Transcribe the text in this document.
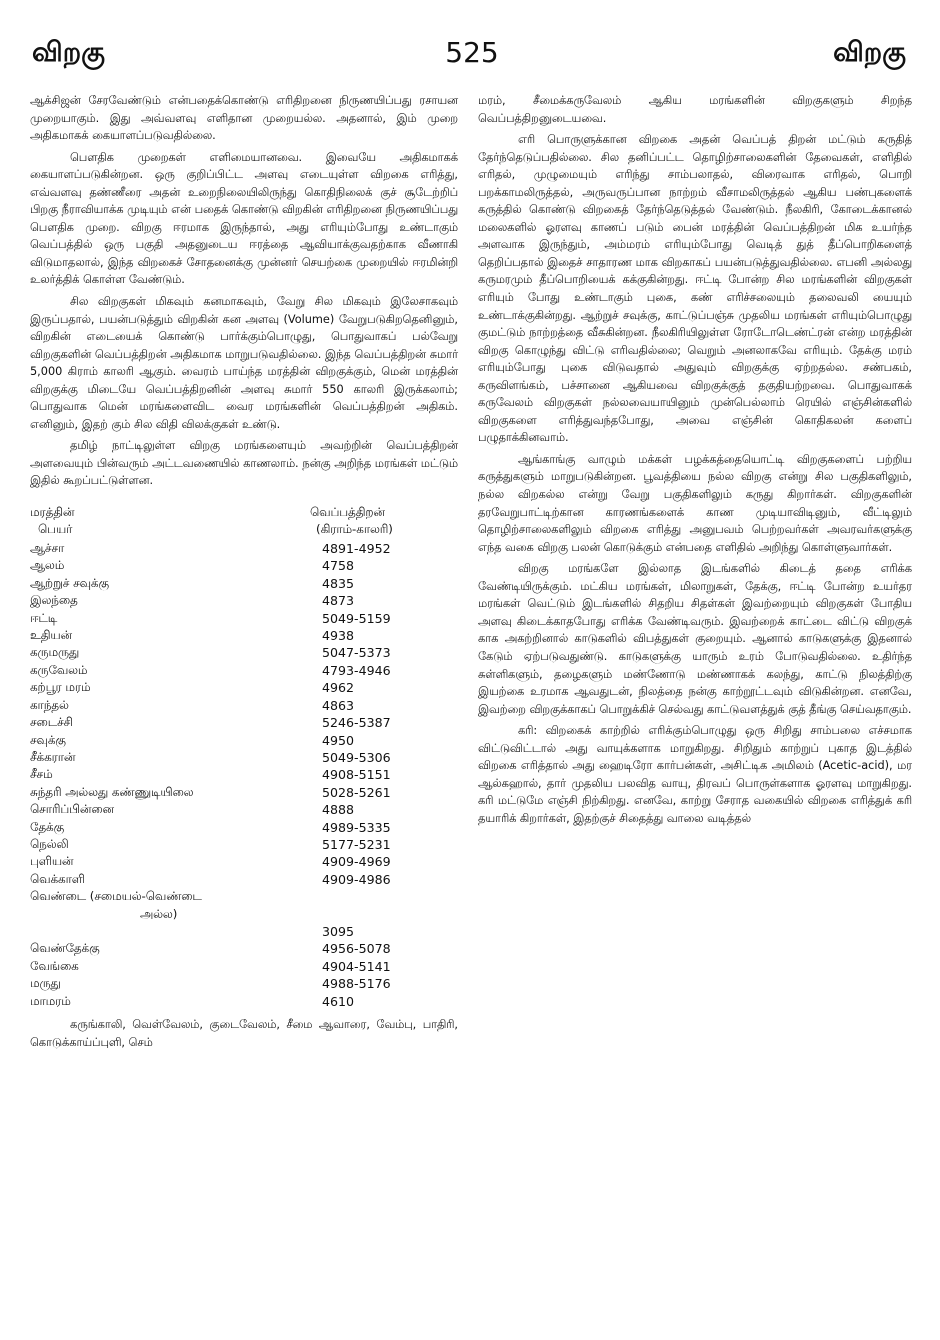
விறகு	525	விறகு

ஆக்சிஜன் சேரவேண்டும் என்பதைக்கொண்டு எரிதிறனை நிருணயிப்பது ரசாயன முறையாகும். இது அவ்வளவு எளிதான முறையல்ல. அதனால், இம் முறை அதிகமாகக் கையாளப்படுவதில்லை.

பௌதிக முறைகள் எளிமையானவை. இவையே அதிகமாகக் கையாளப்படுகின்றன. ஒரு குறிப்பிட்ட அளவு எடையுள்ள விறகை எரித்து, எவ்வளவு தண்ணீரை அதன் உறைநிலையிலிருந்து கொதிநிலைக் குச் சூடேற்றிப் பிறகு நீராவியாக்க முடியும் என் பதைக் கொண்டு விறகின் எரிதிறனை நிருணயிப்பது பௌதிக முறை. விறகு ஈரமாக இருந்தால், அது எரியும்போது உண்டாகும் வெப்பத்தில் ஒரு பகுதி அதனுடைய ஈரத்தை ஆவியாக்குவதற்காக வீணாகி விடுமாதலால், இந்த விறகைச் சோதனைக்கு முன்னர் செயற்கை முறையில் ஈரமின்றி உலர்த்திக் கொள்ள வேண்டும்.

சில விறகுகள் மிகவும் கனமாகவும், வேறு சில மிகவும் இலேசாகவும் இருப்பதால், பயன்படுத்தும் விறகின் கன அளவு (Volume) வேறுபடுகிறதெனினும், விறகின் எடையைக் கொண்டு பார்க்கும்பொழுது, பொதுவாகப் பல்வேறு விறகுகளின் வெப்பத்திறன் அதிகமாக மாறுபடுவதில்லை. இந்த வெப்பத்திறன் சுமார் 5,000 கிராம் காலரி ஆகும். வைரம் பாய்ந்த மரத்தின் விறகுக்கும், மென் மரத்தின் விறகுக்கு மிடையே வெப்பத்திறனின் அளவு சுமார் 550 காலரி இருக்கலாம்; பொதுவாக மென் மரங்களைவிட வைர மரங்களின் வெப்பத்திறன் அதிகம். எனினும், இதற் கும் சில விதி விலக்குகள் உண்டு.

தமிழ் நாட்டிலுள்ள விறகு மரங்களையும் அவற்றின் வெப்பத்திறன் அளவையும் பின்வரும் அட்டவணையில் காணலாம். நன்கு அறிந்த மரங்கள் மட்டும் இதில் கூறப்பட்டுள்ளன.

மரத்தின்
பெயர்
வெப்பத்திறன்
(கிராம்-காலரி)
ஆச்சா	4891-4952
ஆலம்	4758
ஆற்றுச் சவுக்கு	4835
இலந்தை	4873
ஈட்டி	5049-5159
உதியன்	4938
கருமருது	5047-5373
கருவேலம்	4793-4946
கற்பூர மரம்	4962
காந்தல்	4863
சடைச்சி	5246-5387
சவுக்கு	4950
சீக்கரான்	5049-5306
சீசம்	4908-5151
சுந்தரி அல்லது கண்ணுடியிலை	5028-5261
சொரிப்பின்னை	4888
தேக்கு	4989-5335
நெல்லி	5177-5231
புளியன்	4909-4969
வெக்காளி	4909-4986
வெண்டை (சமையல்-வெண்டை
அல்ல)
3095
வெண்தேக்கு	4956-5078
வேங்கை	4904-5141
மருது	4988-5176
மாமரம்	4610

கருங்காலி, வெள்வேலம், குடைவேலம், சீமை ஆவாரை, வேம்பு, பாதிரி, கொடுக்காய்ப்புளி, செம்

மரம், சீமைக்கருவேலம் ஆகிய மரங்களின் விறகுகளும் சிறந்த வெப்பத்திறனுடையவை.

எரி பொருளுக்கான விறகை அதன் வெப்பத் திறன் மட்டும் கருதித் தேர்ந்தெடுப்பதில்லை. சில தனிப்பட்ட தொழிற்சாலைகளின் தேவைகள், எளிதில் எரிதல், முழுமையும் எரிந்து சாம்பலாதல், விரைவாக எரிதல், பொறி பறக்காமலிருத்தல், அருவருப்பான நாற்றம் வீசாமலிருத்தல் ஆகிய பண்புகளைக் கருத்தில் கொண்டு விறகைத் தேர்ந்தெடுத்தல் வேண்டும். நீலகிரி, கோடைக்கானல் மலைகளில் ஓரளவு காணப் படும் பைன் மரத்தின் வெப்பத்திறன் மிக உயர்ந்த அளவாக இருந்தும், அம்மரம் எரியும்போது வெடித் துத் தீப்பொறிகளைத் தெறிப்பதால் இதைச் சாதாரண மாக விறகாகப் பயன்படுத்துவதில்லை. எபனி அல்லது கருமரமும் தீப்பொறியைக் கக்குகின்றது. ஈட்டி போன்ற சில மரங்களின் விறகுகள் எரியும் போது உண்டாகும் புகை, கண் எரிச்சலையும் தலைவலி யையும் உண்டாக்குகின்றது. ஆற்றுச் சவுக்கு, காட்டுப்பஞ்சு முதலிய மரங்கள் எரியும்பொழுது குமட்டும் நாற்றத்தை வீசுகின்றன. நீலகிரியிலுள்ள ரோடோடெண்ட்ரன் என்ற மரத்தின் விறகு கொழுந்து விட்டு எரிவதில்லை; வெறும் அனலாகவே எரியும். தேக்கு மரம் எரியும்போது புகை விடுவதால் அதுவும் விறகுக்கு ஏற்றதல்ல. சண்பகம், கருவிளங்கம், பச்சானை ஆகியவை விறகுக்குத் தகுதியற்றவை. பொதுவாகக் கருவேலம் விறகுகள் நல்லவையாயினும் முன்பெல்லாம் ரெயில் எஞ்சின்களில் விறகுகளை எரித்துவந்தபோது, அவை எஞ்சின் கொதிகலன் களைப் பழுதாக்கினவாம்.

ஆங்காங்கு வாழும் மக்கள் பழக்கத்தையொட்டி விறகுகளைப் பற்றிய கருத்துகளும் மாறுபடுகின்றன. பூவத்தியை நல்ல விறகு என்று சில பகுதிகளிலும், நல்ல விறகல்ல என்று வேறு பகுதிகளிலும் கருது கிறார்கள். விறகுகளின் தரவேறுபாட்டிற்கான காரணங்களைக் காண முடியாவிடினும், வீட்டிலும் தொழிற்சாலைகளிலும் விறகை எரித்து அனுபவம் பெற்றவர்கள் அவரவர்களுக்கு எந்த வகை விறகு பலன் கொடுக்கும் என்பதை எளிதில் அறிந்து கொள்ளுவார்கள்.

விறகு மரங்களே இல்லாத இடங்களில் கிடைத் ததை எரிக்க வேண்டியிருக்கும். மட்கிய மரங்கள், மிலாறுகள், தேக்கு, ஈட்டி போன்ற உயர்தர மரங்கள் வெட்டும் இடங்களில் சிதறிய சிதள்கள் இவற்றையும் விறகுகள் போதிய அளவு கிடைக்காதபோது எரிக்க வேண்டிவரும். இவற்றைக் காட்டை விட்டு விறகுக் காக அகற்றினால் காடுகளில் விபத்துகள் குறையும். ஆனால் காடுகளுக்கு இதனால் கேடும் ஏற்படுவதுண்டு. காடுகளுக்கு யாரும் உரம் போடுவதில்லை. உதிர்ந்த சுள்ளிகளும், தழைகளும் மண்ணோடு மண்ணாகக் கலந்து, காட்டு நிலத்திற்கு இயற்கை உரமாக ஆவதுடன், நிலத்தை நன்கு காற்றூட்டவும் விடுகின்றன. எனவே, இவற்றை விறகுக்காகப் பொறுக்கிச் செல்வது காட்டுவளத்துக் குத் தீங்கு செய்வதாகும்.

கரி: விறகைக் காற்றில் எரிக்கும்பொழுது ஒரு சிறிது சாம்பலை எச்சமாக விட்டுவிட்டால் அது வாயுக்களாக மாறுகிறது. சிறிதும் காற்றுப் புகாத இடத்தில் விறகை எரித்தால் அது ஹைடிரோ கார்பன்கள், அசிட்டிக அமிலம் (Acetic-acid), மர ஆல்கஹால், தார் முதலிய பலவித வாயு, திரவப் பொருள்களாக ஓரளவு மாறுகிறது. கரி மட்டுமே எஞ்சி நிற்கிறது. எனவே, காற்று சேராத வகையில் விறகை எரித்துக் கரி தயாரிக் கிறார்கள், இதற்குச் சிதைத்து வாலை வடித்தல்
